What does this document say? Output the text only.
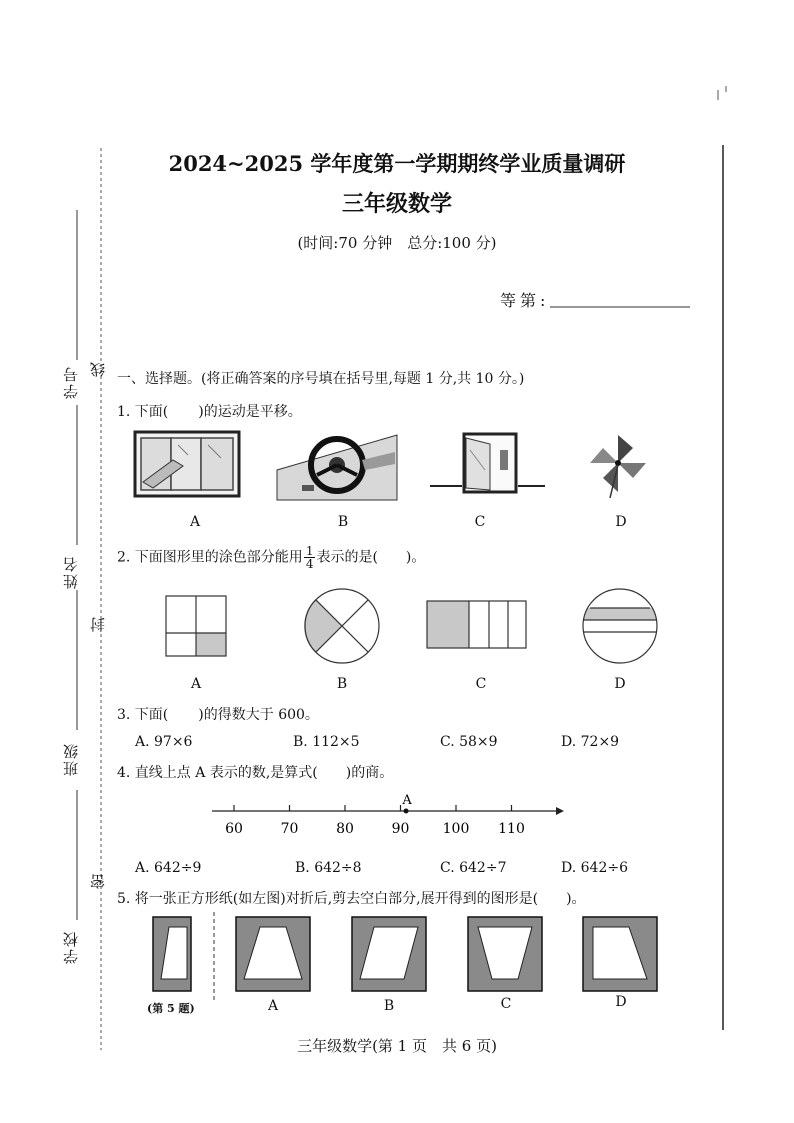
学号
姓名
班级
学校
线
封
密
2024~2025 学年度第一学期期终学业质量调研
三年级数学
(时间:70 分钟　总分:100 分)
等第:
一、选择题。(将正确答案的序号填在括号里,每题 1 分,共 10 分。)
1. 下面( )的运动是平移。
A	B	C	D
2. 下面图形里的涂色部分能用 $\frac{1}{4}$ 表示的是(　　)。
A	B	C	D
3. 下面( )的得数大于 600。
A. 97×6	B. 112×5	C. 58×9	D. 72×9
4. 直线上点 A 表示的数,是算式(　　)的商。
60	70	80	90 100 110
A
A. 642÷9	B. 642÷8	C. 642÷7	D. 642÷6
5. 将一张正方形纸(如左图)对折后,剪去空白部分,展开得到的图形是(　　)。
(第 5 题)	A	B	C	D
三年级数学(第 1 页　共 6 页)
